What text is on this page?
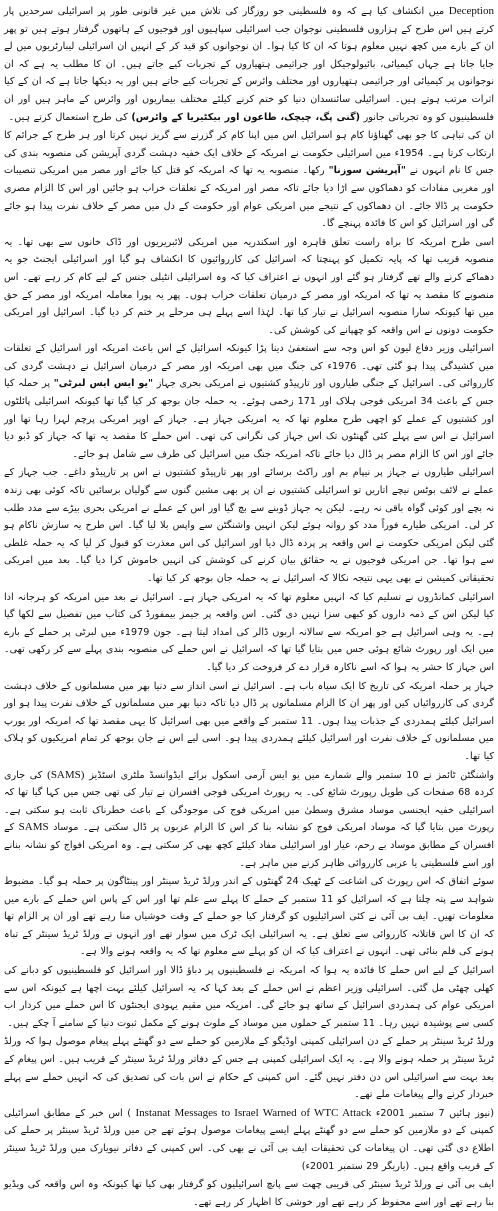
Deception میں انکشاف کیا ہے کہ وہ فلسطینی جو روزگار کی تلاش میں غیر قانونی طور پر اسرائیلی سرحدیں پار کرتے ہیں اس طرح کے ہزاروں فلسطینی نوجوان جب اسرائیلی سپاہیوں اور فوجیوں کے ہاتھوں گرفتار ہوتے ہیں تو پھر ان کے بارے میں کچھ نہیں معلوم ہوتا کہ ان کا کیا ہوا۔ ان نوجوانوں کو قید کر کے انہیں ان اسرائیلی لیبارٹریوں میں لے جایا جاتا ہے جہاں کیمیائی، بائیولوجیکل اور جراثیمی ہتھیاروں کے تجربات کیے جاتے ہیں۔ ان کا مطلب یہ ہے کہ ان نوجوانوں پر کیمیائی اور جراثیمی ہتھیاروں اور مختلف وائرس کے تجربات کیے جاتے ہیں اور یہ دیکھا جاتا ہے کہ ان کے کیا اثرات مرتب ہوتے ہیں۔ اسرائیلی سائنسدان دنیا کو ختم کرنے کیلئے مختلف بیماریوں اور وائرس کے ماہر ہیں اور ان فلسطینیوں کو وہ تجرباتی جانور (گنی پگ، چیچک، طاعون اور بیکٹیریا کے وائرس) کی طرح استعمال کرتے ہیں۔

ان کی تباہی کا جو بھی گھناؤنا کام ہو اسرائیل اس میں اپنا کام کر گزرنے سے گریز نہیں کرتا اور ہر طرح کے جرائم کا ارتکاب کرتا ہے۔ 1954ء میں اسرائیلی حکومت نے امریکہ کے خلاف ایک خفیہ دہشت گردی آپریشن کی منصوبہ بندی کی جس کا نام انہوں نے "آپریشن سوزنا" رکھا۔ منصوبہ یہ تھا کہ امریکہ کو قتل کیا جائے اور مصر میں امریکی تنصیبات اور مغربی مفادات کو دھماکوں سے اڑا دیا جائے تاکہ مصر اور امریکہ کے تعلقات خراب ہو جائیں اور اس کا الزام مصری حکومت پر ڈالا جائے۔ ان دھماکوں کے نتیجے میں امریکی عوام اور حکومت کے دل میں مصر کے خلاف نفرت پیدا ہو جائے گی اور اسرائیل کو اس کا فائدہ پہنچے گا۔

اسی طرح امریکہ کا براہ راست تعلق قاہرہ اور اسکندریہ میں امریکی لائبریریوں اور ڈاک خانوں سے بھی تھا۔ یہ منصوبہ قریب تھا کہ پایہ تکمیل کو پہنچتا کہ اسرائیل کی کارروائیوں کا انکشاف ہو گیا اور اسرائیلی ایجنٹ جو یہ دھماکے کرنے والے تھے گرفتار ہو گئے اور انہوں نے اعتراف کیا کہ وہ اسرائیلی انٹیلی جنس کے لیے کام کر رہے تھے۔ اس منصوبے کا مقصد یہ تھا کہ امریکہ اور مصر کے درمیان تعلقات خراب ہوں۔ پھر یہ پورا معاملہ امریکہ اور مصر کے حق میں تھا کیونکہ سارا منصوبہ اسرائیل نے تیار کیا تھا۔ لہٰذا اسے پہلے ہی مرحلے پر ختم کر دیا گیا۔ اسرائیل اور امریکی حکومت دونوں نے اس واقعہ کو چھپانے کی کوشش کی۔

اسرائیلی وزیر دفاع لیون کو اس وجہ سے استعفیٰ دینا پڑا کیونکہ اسرائیل کے اس باعث امریکہ اور اسرائیل کے تعلقات میں کشیدگی پیدا ہو گئی تھی۔ 1976ء کی جنگ میں بھی امریکہ اور مصر کے درمیان اسرائیل نے دہشت گردی کی کارروائی کی۔ اسرائیل کے جنگی طیاروں اور تارپیڈو کشتیوں نے امریکی بحری جہاز "یو ایس ایس لبرٹی" پر حملہ کیا جس کے باعث 34 امریکی فوجی ہلاک اور 171 زخمی ہوئے۔ یہ حملہ جان بوجھ کر کیا گیا تھا کیونکہ اسرائیلی پائلٹوں اور کشتیوں کے عملے کو اچھی طرح معلوم تھا کہ یہ امریکی جہاز ہے۔ جہاز کے اوپر امریکی پرچم لہرا رہا تھا اور اسرائیل نے اس سے پہلے کئی گھنٹوں تک اس جہاز کی نگرانی کی تھی۔ اس حملے کا مقصد یہ تھا کہ جہاز کو ڈبو دیا جائے اور اس کا الزام مصر پر ڈال دیا جائے تاکہ امریکہ جنگ میں اسرائیل کی طرف سے شامل ہو جائے۔

اسرائیلی طیاروں نے جہاز پر نیپام بم اور راکٹ برسائے اور پھر تارپیڈو کشتیوں نے اس پر تارپیڈو داغے۔ جب جہاز کے عملے نے لائف بوٹس نیچے اتاریں تو اسرائیلی کشتیوں نے ان پر بھی مشین گنوں سے گولیاں برسائیں تاکہ کوئی بھی زندہ نہ بچے اور کوئی گواہ باقی نہ رہے۔ لیکن یہ جہاز ڈوبنے سے بچ گیا اور اس کے عملے نے امریکی بحری بیڑے سے مدد طلب کر لی۔ امریکی طیارے فوراً مدد کو روانہ ہوئے لیکن انہیں واشنگٹن سے واپس بلا لیا گیا۔ اس طرح یہ سازش ناکام ہو گئی لیکن امریکی حکومت نے اس واقعہ پر پردہ ڈال دیا اور اسرائیل کی اس معذرت کو قبول کر لیا کہ یہ حملہ غلطی سے ہوا تھا۔ جن امریکی فوجیوں نے یہ حقائق بیان کرنے کی کوشش کی انہیں خاموش کرا دیا گیا۔ بعد میں امریکی تحقیقاتی کمیشن نے بھی یہی نتیجہ نکالا کہ اسرائیل نے یہ حملہ جان بوجھ کر کیا تھا۔

اسرائیلی کمانڈروں نے تسلیم کیا کہ انہیں معلوم تھا کہ یہ امریکی جہاز ہے۔ اسرائیل نے بعد میں امریکہ کو ہرجانہ ادا کیا لیکن اس کے ذمہ داروں کو کبھی سزا نہیں دی گئی۔ اس واقعہ پر جیمز بیمفورڈ کی کتاب میں تفصیل سے لکھا گیا ہے۔ یہ وہی اسرائیل ہے جو امریکہ سے سالانہ اربوں ڈالر کی امداد لیتا ہے۔ جون 1979ء میں لبرٹی پر حملے کے بارے میں ایک اور رپورٹ شائع ہوئی جس میں بتایا گیا تھا کہ اسرائیل نے اس حملے کی منصوبہ بندی پہلے سے کر رکھی تھی۔ اس جہاز کا حشر یہ ہوا کہ اسے ناکارہ قرار دے کر فروخت کر دیا گیا۔

جہاز پر حملہ امریکہ کی تاریخ کا ایک سیاہ باب ہے۔ اسرائیل نے اسی انداز سے دنیا بھر میں مسلمانوں کے خلاف دہشت گردی کی کارروائیاں کیں اور پھر ان کا الزام مسلمانوں پر ڈال دیا تاکہ دنیا بھر میں مسلمانوں کے خلاف نفرت پیدا ہو اور اسرائیل کیلئے ہمدردی کے جذبات پیدا ہوں۔ 11 ستمبر کے واقعے میں بھی اسرائیل کا یہی مقصد تھا کہ امریکہ اور یورپ میں مسلمانوں کے خلاف نفرت اور اسرائیل کیلئے ہمدردی پیدا ہو۔ اسی لیے اس نے جان بوجھ کر تمام امریکیوں کو ہلاک کیا تھا۔

واشنگٹن ٹائمز نے 10 ستمبر والے شمارے میں یو ایس آرمی اسکول برائے ایڈوانسڈ ملٹری اسٹڈیز (SAMS) کی جاری کردہ 68 صفحات کی طویل رپورٹ شائع کی۔ یہ رپورٹ امریکی فوجی افسران نے تیار کی تھی جس میں کہا گیا تھا کہ اسرائیلی خفیہ ایجنسی موساد مشرق وسطیٰ میں امریکی فوج کی موجودگی کے باعث خطرناک ثابت ہو سکتی ہے۔ رپورٹ میں بتایا گیا کہ موساد امریکی فوج کو نشانہ بنا کر اس کا الزام عربوں پر ڈال سکتی ہے۔ موساد SAMS کے افسران کے مطابق موساد بے رحم، عیار اور اسرائیلی مفاد کیلئے کچھ بھی کر سکتی ہے۔ وہ امریکی افواج کو نشانہ بنانے اور اسے فلسطینی یا عربی کارروائی ظاہر کرنے میں ماہر ہے۔

سوئے اتفاق کہ اس رپورٹ کی اشاعت کے ٹھیک 24 گھنٹوں کے اندر ورلڈ ٹریڈ سینٹر اور پینٹاگون پر حملہ ہو گیا۔ مضبوط شواہد سے پتہ چلتا ہے کہ اسرائیل کو 11 ستمبر کے حملے کا پہلے سے علم تھا اور اس کے پاس اس حملے کے بارے میں معلومات تھیں۔ ایف بی آئی نے کئی اسرائیلیوں کو گرفتار کیا جو حملے کے وقت خوشیاں منا رہے تھے اور ان پر الزام تھا کہ ان کا اس قاتلانہ کارروائی سے تعلق ہے۔ یہ اسرائیلی ایک ٹرک میں سوار تھے اور انہوں نے ورلڈ ٹریڈ سینٹر کے تباہ ہونے کی فلم بنائی تھی۔ انہوں نے اعتراف کیا کہ ان کو پہلے سے معلوم تھا کہ یہ واقعہ ہونے والا ہے۔

اسرائیل کے لیے اس حملے کا فائدہ یہ ہوا کہ امریکہ نے فلسطینیوں پر دباؤ ڈالا اور اسرائیل کو فلسطینیوں کو دبانے کی کھلی چھٹی مل گئی۔ اسرائیلی وزیر اعظم نے اس حملے کے بعد کہا کہ یہ اسرائیل کیلئے بہت اچھا ہے کیونکہ اس سے امریکی عوام کی ہمدردی اسرائیل کے ساتھ ہو جائے گی۔ امریکہ میں مقیم یہودی ایجنٹوں کا اس حملے میں کردار اب کسی سے پوشیدہ نہیں رہا۔ 11 ستمبر کے حملوں میں موساد کے ملوث ہونے کے مکمل ثبوت دنیا کے سامنے آ چکے ہیں۔

ورلڈ ٹریڈ سینٹر پر حملے کے دن اسرائیلی کمپنی اوڈیگو کے ملازمین کو حملے سے دو گھنٹے پہلے پیغام موصول ہوا کہ ورلڈ ٹریڈ سینٹر پر حملہ ہونے والا ہے۔ یہ ایک اسرائیلی کمپنی ہے جس کے دفاتر ورلڈ ٹریڈ سینٹر کے قریب ہیں۔ اس پیغام کے بعد بہت سے اسرائیلی اس دن دفتر نہیں گئے۔ اس کمپنی کے حکام نے اس بات کی تصدیق کی کہ انہیں حملے سے پہلے خبردار کرنے والے پیغامات ملے تھے۔

(نیوز ہائیں 7 ستمبر 2001ء Instanat Messages to Israel Warned of WTC Attack ) اس خبر کے مطابق اسرائیلی کمپنی کے دو ملازمین کو حملے سے دو گھنٹے پہلے ایسے پیغامات موصول ہوئے تھے جن میں ورلڈ ٹریڈ سینٹر پر حملے کی اطلاع دی گئی تھی۔ ان پیغامات کی تحقیقات ایف بی آئی نے بھی کی۔ اس کمپنی کے دفاتر نیویارک میں ورلڈ ٹریڈ سینٹر کے قریب واقع ہیں۔ (یاریگر 29 ستمبر 2001ء)

ایف بی آئی نے ورلڈ ٹریڈ سینٹر کی قریبی چھت سے پانچ اسرائیلیوں کو گرفتار بھی کیا تھا کیونکہ وہ اس واقعہ کی ویڈیو بنا رہے تھے اور اسے محفوظ کر رہے تھے اور خوشی کا اظہار کر رہے تھے۔
